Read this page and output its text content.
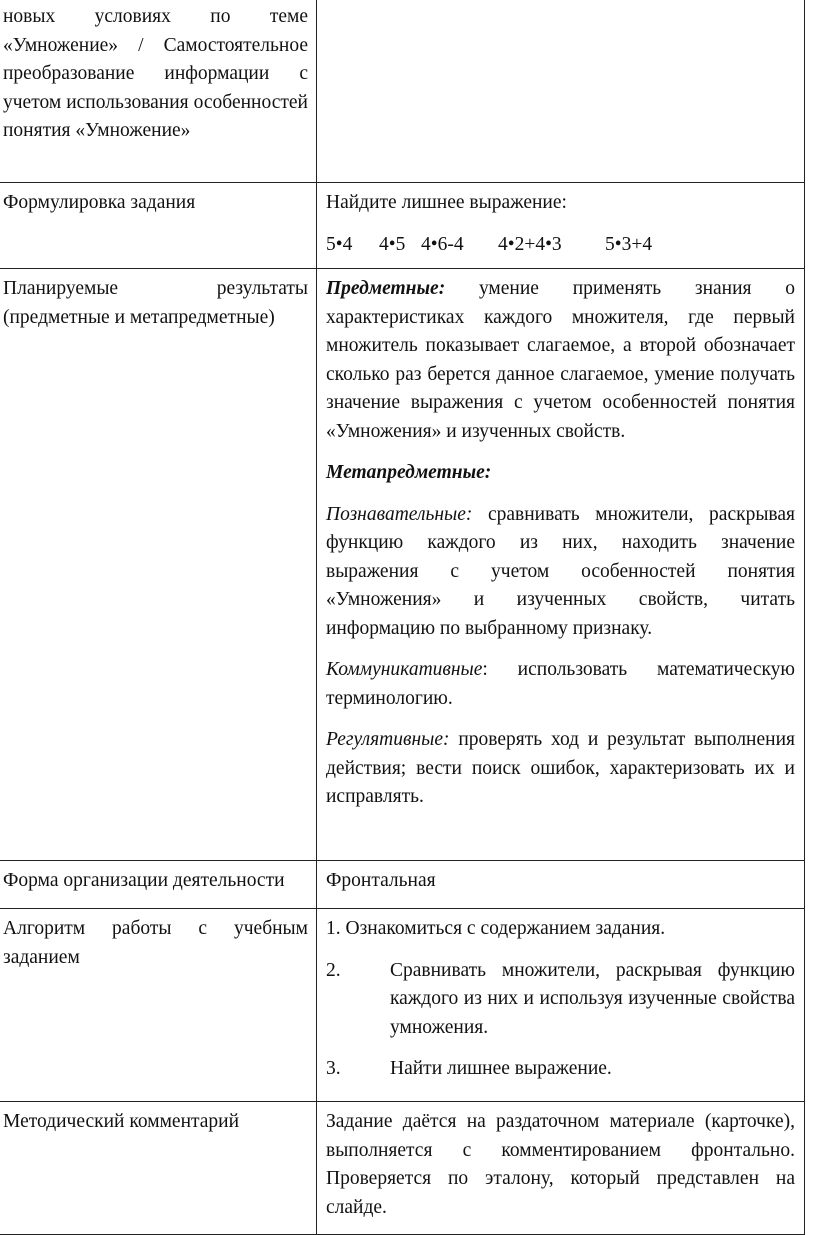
новых условиях по теме «Умножение» / Самостоятельное преобразование информации с учетом использования особенностей понятия «Умножение»	
Формулировка задания	Найдите лишнее выражение:

5•4 4•5 4•6-4 4•2+4•3 5•3+4

Планируемые результаты (предметные и метапредметные)	Предметные: умение применять знания о характеристиках каждого множителя, где первый множитель показывает слагаемое, а второй обозначает сколько раз берется данное слагаемое, умение получать значение выражения с учетом особенностей понятия «Умножения» и изученных свойств.

Метапредметные:

Познавательные: сравнивать множители, раскрывая функцию каждого из них, находить значение выражения с учетом особенностей понятия «Умножения» и изученных свойств, читать информацию по выбранному признаку.

Коммуникативные: использовать математическую терминологию.

Регулятивные: проверять ход и результат выполнения действия; вести поиск ошибок, характеризовать их и исправлять.

Форма организации деятельности	Фронтальная
Алгоритм работы с учебным заданием	1. Ознакомиться с содержанием задания.

2. Сравнивать множители, раскрывая функцию каждого из них и используя изученные свойства умножения.
3. Найти лишнее выражение.

Методический комментарий	Задание даётся на раздаточном материале (карточке), выполняется с комментированием фронтально. Проверяется по эталону, который представлен на слайде.
